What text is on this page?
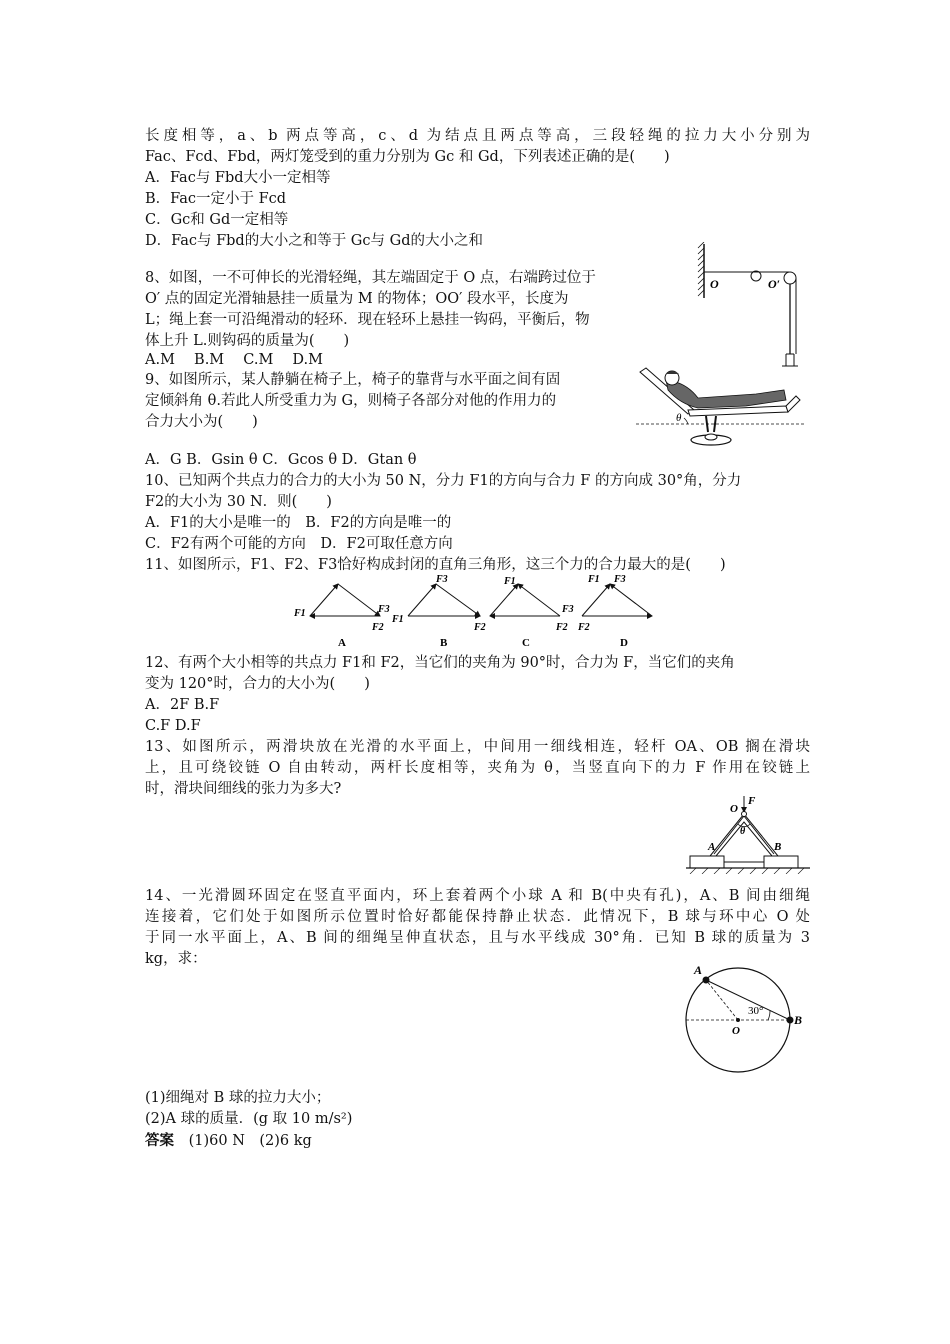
长度相等，a、b 两点等高，c、d 为结点且两点等高，三段轻绳的拉力大小分别为
Fac、Fcd、Fbd，两灯笼受到的重力分别为 Gc 和 Gd，下列表述正确的是(　　)
A．Fac与 Fbd大小一定相等
B．Fac一定小于 Fcd
C．Gc和 Gd一定相等
D．Fac与 Fbd的大小之和等于 Gc与 Gd的大小之和
8、如图，一不可伸长的光滑轻绳，其左端固定于 O 点，右端跨过位于
O′ 点的固定光滑轴悬挂一质量为 M 的物体；OO′ 段水平，长度为
L；绳上套一可沿绳滑动的轻环．现在轻环上悬挂一钩码，平衡后，物
体上升 L.则钩码的质量为(　　)
A.M　 B.M　 C.M　 D.M
9、如图所示，某人静躺在椅子上，椅子的靠背与水平面之间有固
定倾斜角 θ.若此人所受重力为 G，则椅子各部分对他的作用力的
合力大小为(　　)
A．G B．Gsin θ C．Gcos θ D．Gtan θ
10、已知两个共点力的合力的大小为 50 N，分力 F1的方向与合力 F 的方向成 30°角，分力
F2的大小为 30 N．则(　　)
A．F1的大小是唯一的　B．F2的方向是唯一的
C．F2有两个可能的方向　D．F2可取任意方向
11、如图所示，F1、F2、F3恰好构成封闭的直角三角形，这三个力的合力最大的是(　　)
12、有两个大小相等的共点力 F1和 F2，当它们的夹角为 90°时，合力为 F，当它们的夹角
变为 120°时，合力的大小为(　　)
A．2F B.F
C.F D.F
13、如图所示，两滑块放在光滑的水平面上，中间用一细线相连，轻杆 OA、OB 搁在滑块
上，且可绕铰链 O 自由转动，两杆长度相等，夹角为 θ，当竖直向下的力 F 作用在铰链上
时，滑块间细线的张力为多大?
14、一光滑圆环固定在竖直平面内，环上套着两个小球 A 和 B(中央有孔)，A、B 间由细绳
连接着，它们处于如图所示位置时恰好都能保持静止状态．此情况下，B 球与环中心 O 处
于同一水平面上，A、B 间的细绳呈伸直状态，且与水平线成 30°角．已知 B 球的质量为 3
kg，求：
(1)细绳对 B 球的拉力大小；
(2)A 球的质量．(g 取 10 m/s²)
答案 (1)60 N　(2)6 kg
O	O′
θ
F1	F3
F2
A
F1
F3
F2
B
F1
F3
F2
C
F1 F3
F2
D
O
F
θ
A	B
A
B
O
30°
